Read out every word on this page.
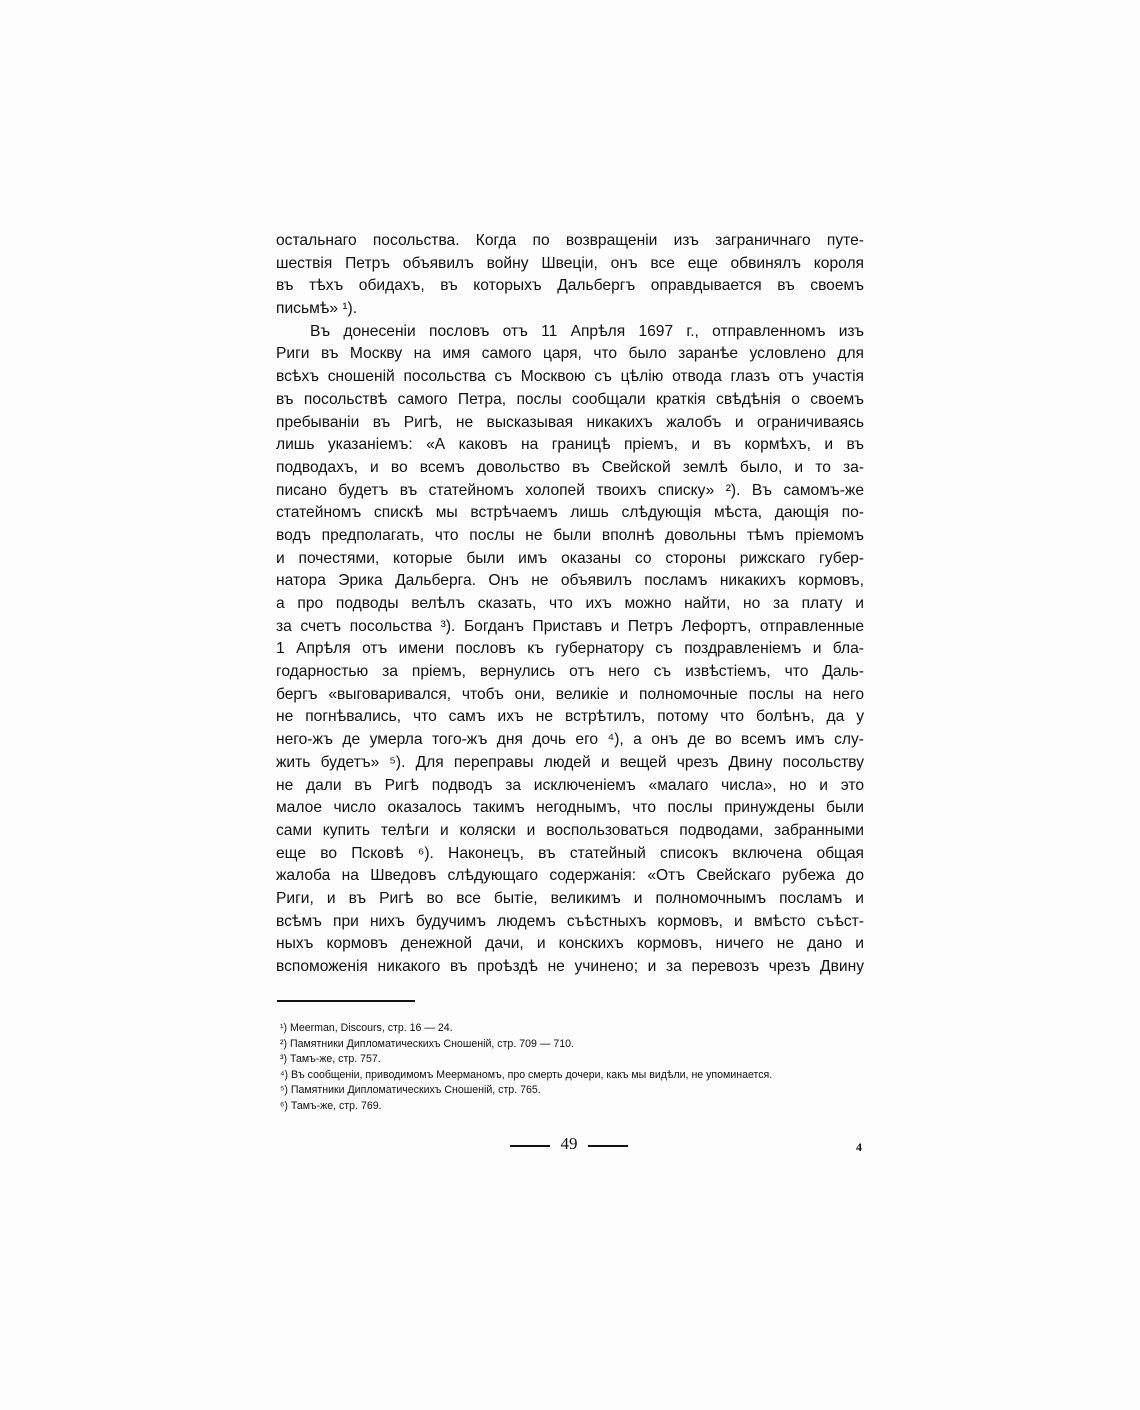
остальнаго посольства. Когда по возвращеніи изъ заграничнаго путе-
шествія Петръ объявилъ войну Швеціи, онъ все еще обвинялъ короля
въ тѣхъ обидахъ, въ которыхъ Дальбергъ оправдывается въ своемъ
письмѣ» ¹).
Въ донесеніи пословъ отъ 11 Апрѣля 1697 г., отправленномъ изъ
Риги въ Москву на имя самого царя, что было заранѣе условлено для
всѣхъ сношеній посольства съ Москвою съ цѣлію отвода глазъ отъ участія
въ посольствѣ самого Петра, послы сообщали краткія свѣдѣнія о своемъ
пребываніи въ Ригѣ, не высказывая никакихъ жалобъ и ограничиваясь
лишь указаніемъ: «А каковъ на границѣ пріемъ, и въ кормѣхъ, и въ
подводахъ, и во всемъ довольство въ Свейской землѣ было, и то за-
писано будетъ въ статейномъ холопей твоихъ списку» ²). Въ самомъ-же
статейномъ спискѣ мы встрѣчаемъ лишь слѣдующія мѣста, дающія по-
водъ предполагать, что послы не были вполнѣ довольны тѣмъ пріемомъ
и почестями, которые были имъ оказаны со стороны рижскаго губер-
натора Эрика Дальберга. Онъ не объявилъ посламъ никакихъ кормовъ,
а про подводы велѣлъ сказать, что ихъ можно найти, но за плату и
за счетъ посольства ³). Богданъ Приставъ и Петръ Лефортъ, отправленные
1 Апрѣля отъ имени пословъ къ губернатору съ поздравленіемъ и бла-
годарностью за пріемъ, вернулись отъ него съ извѣстіемъ, что Даль-
бергъ «выговаривался, чтобъ они, великіе и полномочные послы на него
не погнѣвались, что самъ ихъ не встрѣтилъ, потому что болѣнъ, да у
него-жъ де умерла того-жъ дня дочь его ⁴), а онъ де во всемъ имъ слу-
жить будетъ» ⁵). Для переправы людей и вещей чрезъ Двину посольству
не дали въ Ригѣ подводъ за исключеніемъ «малаго числа», но и это
малое число оказалось такимъ негоднымъ, что послы принуждены были
сами купить телѣги и коляски и воспользоваться подводами, забранными
еще во Псковѣ ⁶). Наконецъ, въ статейный списокъ включена общая
жалоба на Шведовъ слѣдующаго содержанія: «Отъ Свейскаго рубежа до
Риги, и въ Ригѣ во все бытіе, великимъ и полномочнымъ посламъ и
всѣмъ при нихъ будучимъ людемъ съѣстныхъ кормовъ, и вмѣсто съѣст-
ныхъ кормовъ денежной дачи, и конскихъ кормовъ, ничего не дано и
вспоможенія никакого въ проѣздѣ не учинено; и за перевозъ чрезъ Двину
¹) Meerman, Discours, стр. 16 — 24.
²) Памятники Дипломатическихъ Сношеній, стр. 709 — 710.
³) Тамъ-же, стр. 757.
⁴) Въ сообщеніи, приводимомъ Меерманомъ, про смерть дочери, какъ мы видѣли, не упоминается.
⁵) Памятники Дипломатическихъ Сношеній, стр. 765.
⁶) Тамъ-же, стр. 769.
49	4
